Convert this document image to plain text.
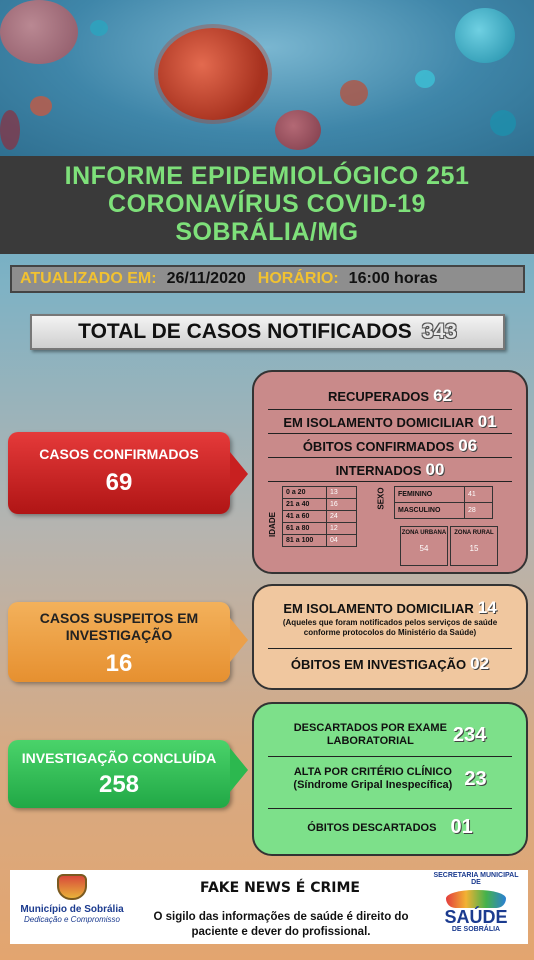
INFORME EPIDEMIOLÓGICO 251
CORONAVÍRUS COVID-19
SOBRÁLIA/MG
ATUALIZADO EM: 26/11/2020 HORÁRIO: 16:00 horas
TOTAL DE CASOS NOTIFICADOS 343
CASOS CONFIRMADOS
69
RECUPERADOS 62
EM ISOLAMENTO DOMICILIAR 01
ÓBITOS CONFIRMADOS 06
INTERNADOS 00
IDADE
0 a 20	13
21 a 40	16
41 a 60	24
61 a 80	12
81 a 100	04
SEXO FEMININO	41
MASCULINO	28
ZONA URBANA
54
ZONA RURAL
15
CASOS SUSPEITOS EM
INVESTIGAÇÃO
16
EM ISOLAMENTO DOMICILIAR 14
(Aqueles que foram notificados pelos serviços de saúde
conforme protocolos do Ministério da Saúde)
ÓBITOS EM INVESTIGAÇÃO 02
INVESTIGAÇÃO CONCLUÍDA
258
DESCARTADOS POR EXAME
LABORATORIAL	234
ALTA POR CRITÉRIO CLÍNICO
(Síndrome Gripal Inespecífica) 23
ÓBITOS DESCARTADOS 01
Município de Sobrália
Dedicação e Compromisso
FAKE NEWS É CRIME
O sigilo das informações de saúde é direito do
paciente e dever do profissional.
SECRETARIA MUNICIPAL DE
SAÚDE
DE SOBRÁLIA
